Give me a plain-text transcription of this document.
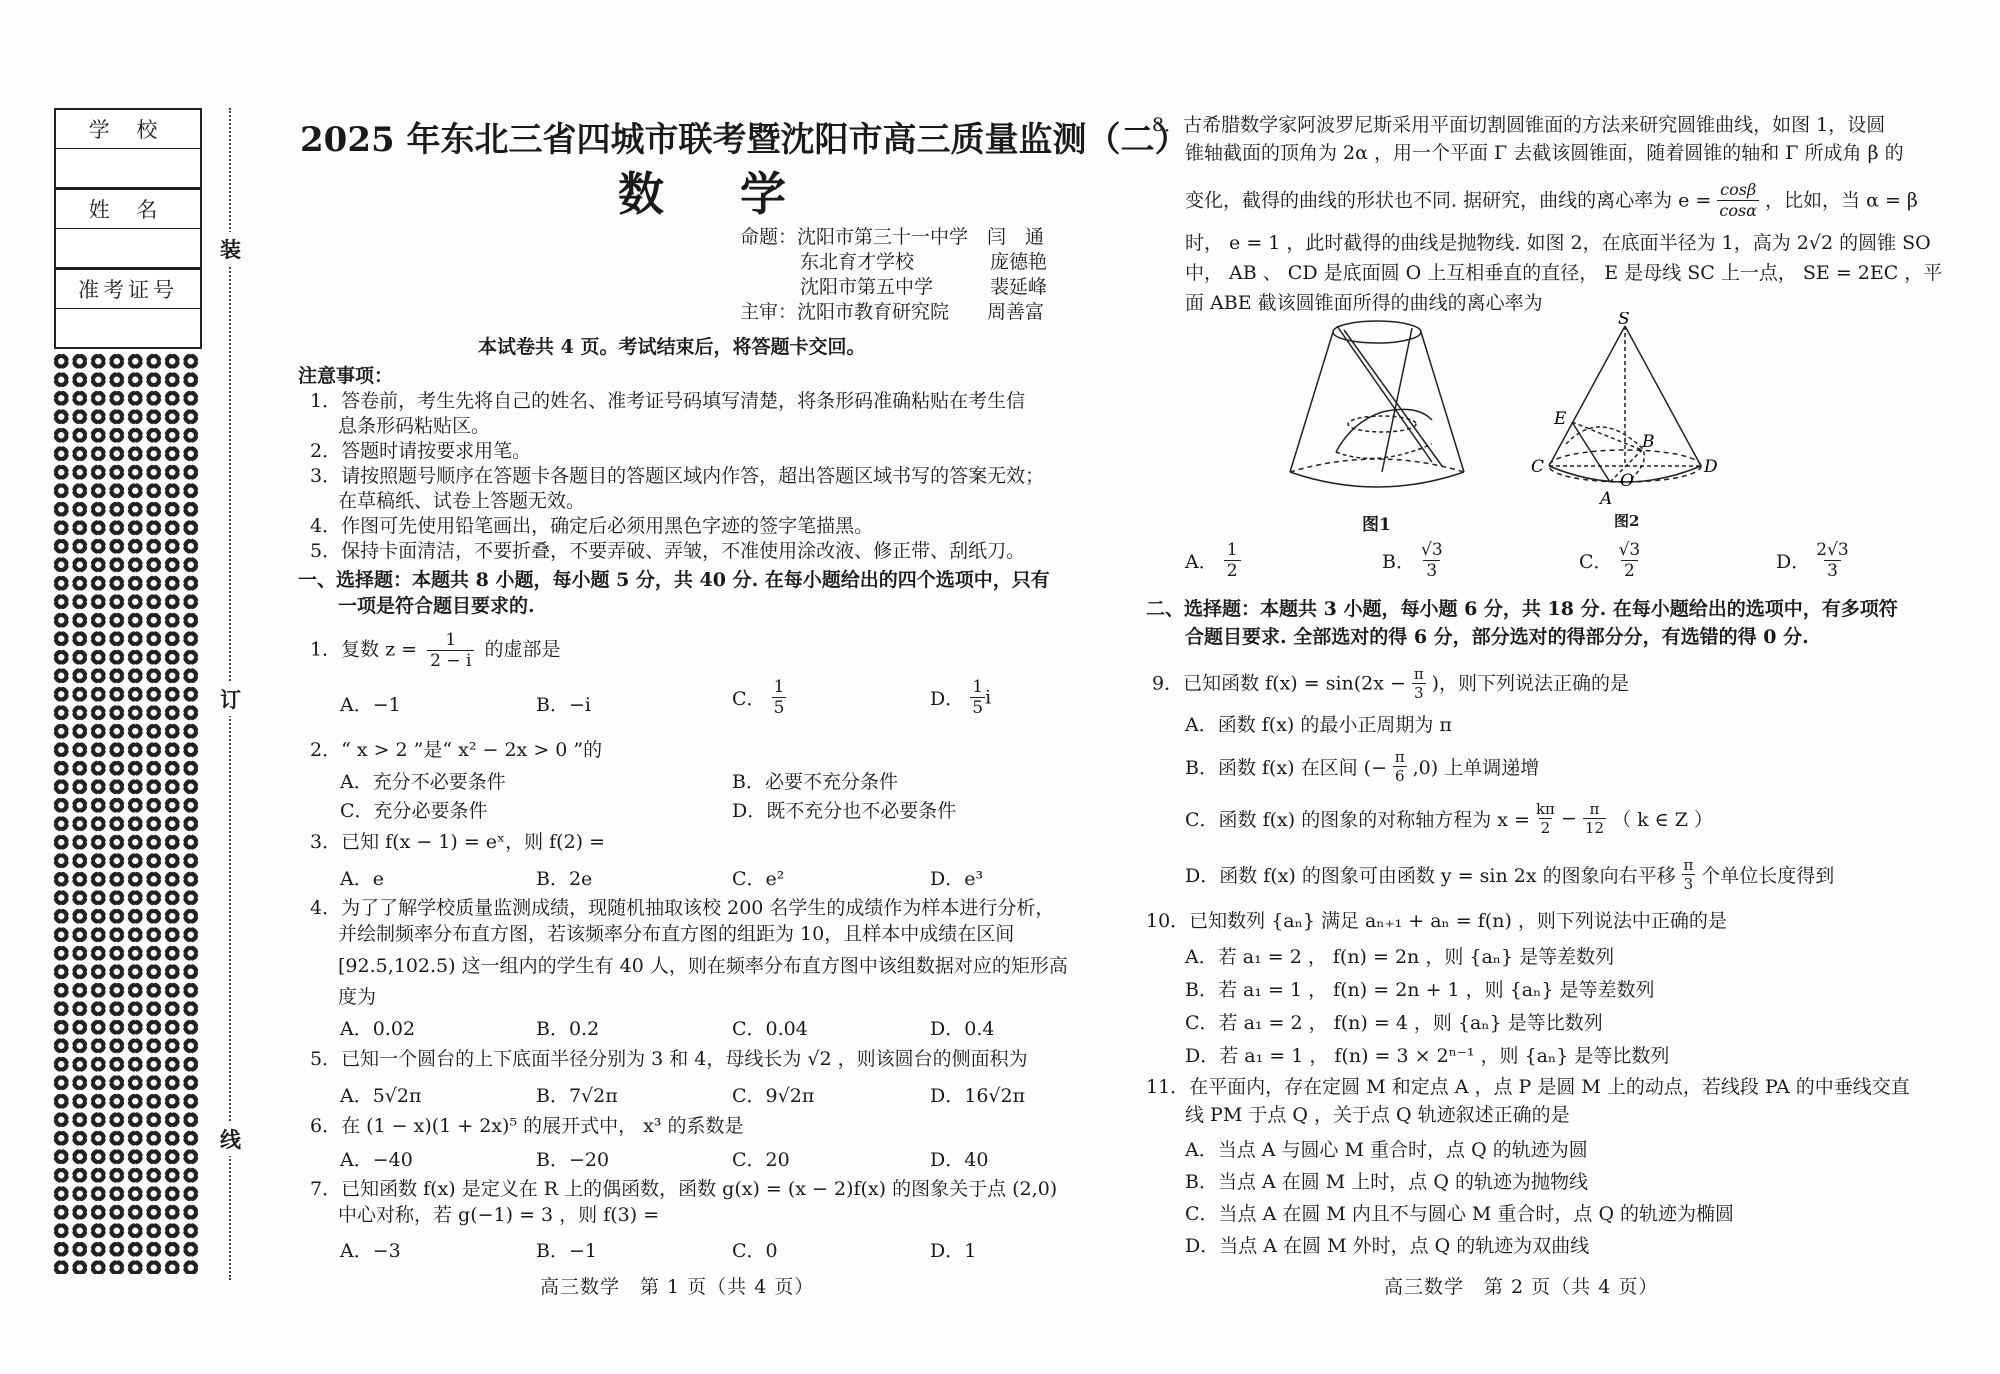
学 校
姓 名
准考证号
装
订
线
2025 年东北三省四城市联考暨沈阳市高三质量监测（二）
数 学
命题：沈阳市第三十一中学　闫　通
东北育才学校　　　　庞德艳
沈阳市第五中学　　　裴延峰
主审：沈阳市教育研究院　　周善富
本试卷共 4 页。考试结束后，将答题卡交回。
注意事项：
1．答卷前，考生先将自己的姓名、准考证号码填写清楚，将条形码准确粘贴在考生信
息条形码粘贴区。
2．答题时请按要求用笔。
3．请按照题号顺序在答题卡各题目的答题区域内作答，超出答题区域书写的答案无效；
在草稿纸、试卷上答题无效。
4．作图可先使用铅笔画出，确定后必须用黑色字迹的签字笔描黑。
5．保持卡面清洁，不要折叠，不要弄破、弄皱，不准使用涂改液、修正带、刮纸刀。
一、选择题：本题共 8 小题，每小题 5 分，共 40 分. 在每小题给出的四个选项中，只有
一项是符合题目要求的.
1．复数 $z = \frac{1}{2 - i}$ 的虚部是
A．−1	B．−i	C． $\frac{1}{5}$	D． $\frac{1}{5}$ i
2．“ x > 2 ”是“ x² − 2x > 0 ”的
A．充分不必要条件	B．必要不充分条件
C．充分必要条件	D．既不充分也不必要条件
3．已知 f(x − 1) = eˣ，则 f(2) =
A．e	B．2e	C．e²	D．e³
4．为了了解学校质量监测成绩，现随机抽取该校 200 名学生的成绩作为样本进行分析，
并绘制频率分布直方图，若该频率分布直方图的组距为 10，且样本中成绩在区间
[92.5,102.5) 这一组内的学生有 40 人，则在频率分布直方图中该组数据对应的矩形高
度为
A．0.02	B．0.2	C．0.04	D．0.4
5．已知一个圆台的上下底面半径分别为 3 和 4，母线长为 √2 ，则该圆台的侧面积为
A．5√2π	B．7√2π	C．9√2π	D．16√2π
6．在 (1 − x)(1 + 2x)⁵ 的展开式中， x³ 的系数是
A．−40	B．−20	C．20	D．40
7．已知函数 f(x) 是定义在 R 上的偶函数，函数 g(x) = (x − 2)f(x) 的图象关于点 (2,0)
中心对称，若 g(−1) = 3 ，则 f(3) =
A．−3	B．−1	C．0	D．1
高三数学　第 1 页（共 4 页）
8．古希腊数学家阿波罗尼斯采用平面切割圆锥面的方法来研究圆锥曲线，如图 1，设圆
锥轴截面的顶角为 2α ，用一个平面 Γ 去截该圆锥面，随着圆锥的轴和 Γ 所成角 β 的
变化，截得的曲线的形状也不同. 据研究，曲线的离心率为 $e = \frac{\cos\beta}{\cos\alpha}$ ，比如，当 α = β
时， e = 1 ，此时截得的曲线是抛物线. 如图 2，在底面半径为 1，高为 2√2 的圆锥 SO
中， AB 、 CD 是底面圆 O 上互相垂直的直径， E 是母线 SC 上一点， SE = 2EC ，平
面 ABE 截该圆锥面所得的曲线的离心率为
图1
S
E
B
C
O
D
A
图2
A． $\frac{1}{2}$	B． $\frac{√3}{3}$	C． $\frac{√3}{2}$	D． $\frac{2√3}{3}$
二、选择题：本题共 3 小题，每小题 6 分，共 18 分. 在每小题给出的选项中，有多项符
合题目要求. 全部选对的得 6 分，部分选对的得部分分，有选错的得 0 分.
9．已知函数 $f(x) = \sin(2x - \frac{\pi}{3}$ )，则下列说法正确的是
A．函数 f(x) 的最小正周期为 π
B．函数 f(x) 在区间 (− $\frac{\pi}{6} ,0$) 上单调递增
C．函数 f(x) 的图象的对称轴方程为 $x = \frac{k\pi}{2} - \frac{\pi}{12}$ （ k ∈ Z ）
D．函数 f(x) 的图象可由函数 y = sin 2x 的图象向右平移 $\frac{\pi}{3}$ 个单位长度得到
10．已知数列 {aₙ} 满足 aₙ₊₁ + aₙ = f(n) ，则下列说法中正确的是
A．若 a₁ = 2 ， f(n) = 2n ，则 {aₙ} 是等差数列
B．若 a₁ = 1 ， f(n) = 2n + 1 ，则 {aₙ} 是等差数列
C．若 a₁ = 2 ， f(n) = 4 ，则 {aₙ} 是等比数列
D．若 a₁ = 1 ， f(n) = 3 × 2ⁿ⁻¹ ，则 {aₙ} 是等比数列
11．在平面内，存在定圆 M 和定点 A ，点 P 是圆 M 上的动点，若线段 PA 的中垂线交直
线 PM 于点 Q ，关于点 Q 轨迹叙述正确的是
A．当点 A 与圆心 M 重合时，点 Q 的轨迹为圆
B．当点 A 在圆 M 上时，点 Q 的轨迹为抛物线
C．当点 A 在圆 M 内且不与圆心 M 重合时，点 Q 的轨迹为椭圆
D．当点 A 在圆 M 外时，点 Q 的轨迹为双曲线
高三数学　第 2 页（共 4 页）
